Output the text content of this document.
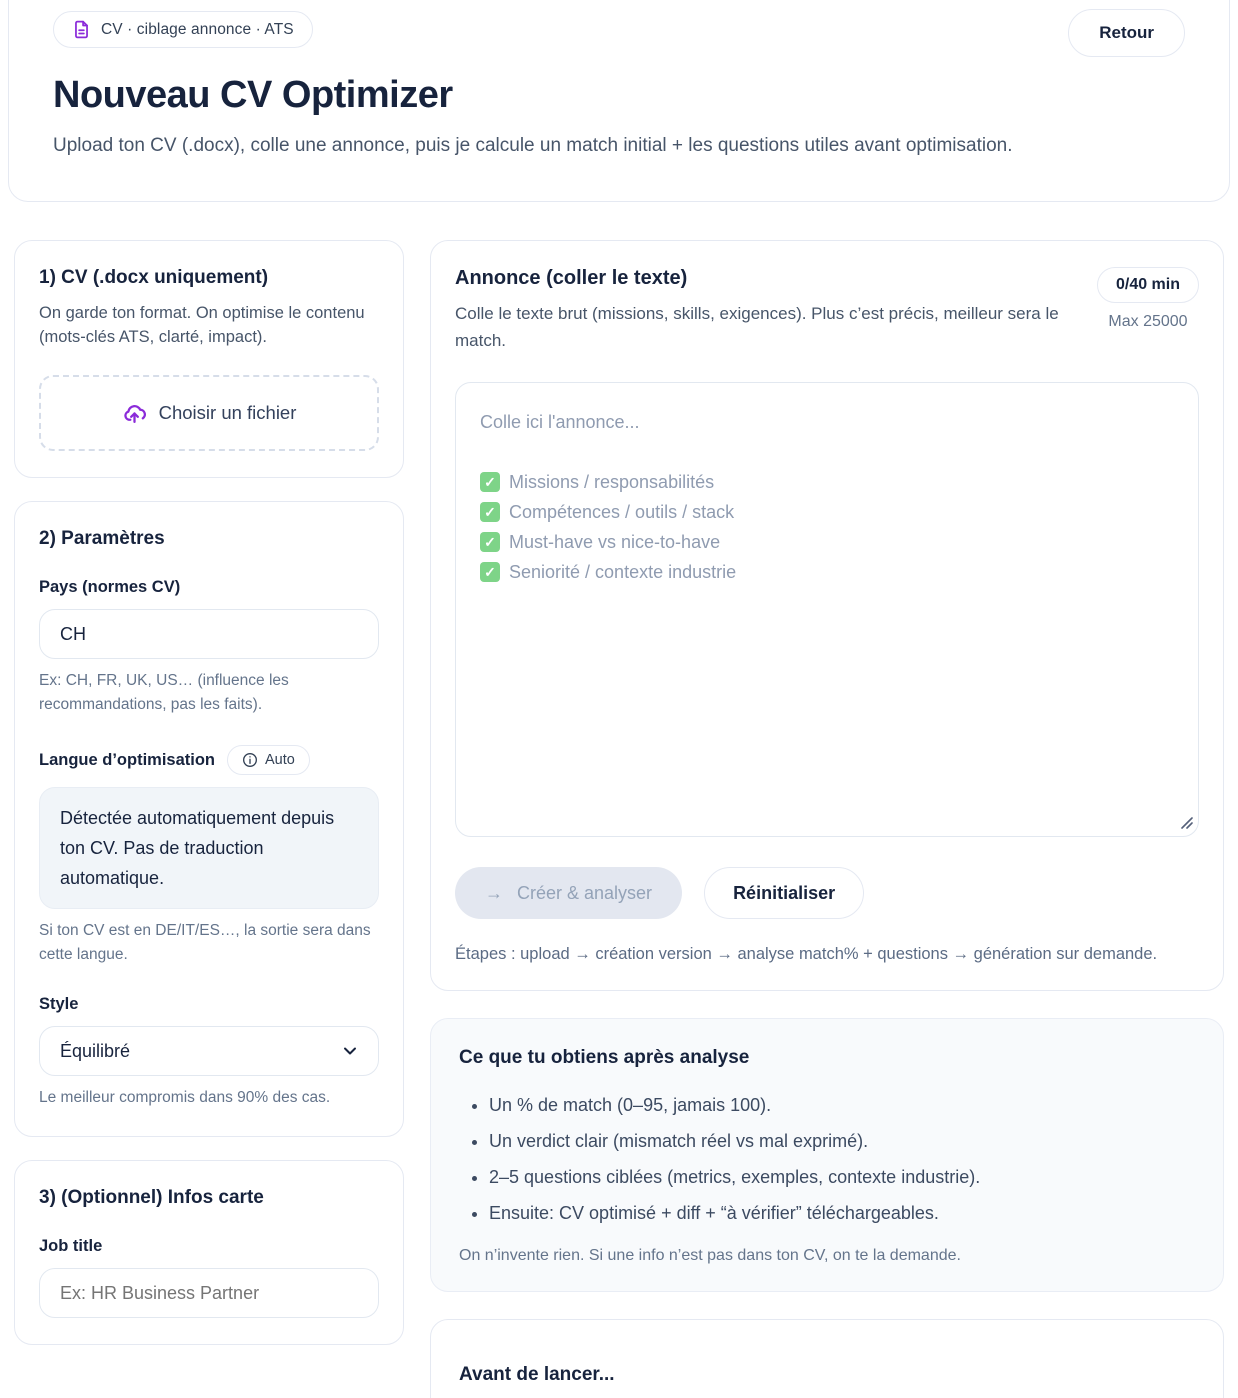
CV · ciblage annonce · ATS	Retour
Nouveau CV Optimizer

Upload ton CV (.docx), colle une annonce, puis je calcule un match initial + les questions utiles avant optimisation.

1) CV (.docx uniquement)

On garde ton format. On optimise le contenu (mots-clés ATS, clarté, impact).

Choisir un fichier
2) Paramètres
Pays (normes CV)
CH
Ex: CH, FR, UK, US… (influence les recommandations, pas les faits).
Langue d’optimisation	Auto
Détectée automatiquement depuis ton CV. Pas de traduction automatique.
Si ton CV est en DE/IT/ES…, la sortie sera dans cette langue.
Style
Équilibré
Le meilleur compromis dans 90% des cas.
3) (Optionnel) Infos carte
Job title
Ex: HR Business Partner
Annonce (coller le texte)

Colle le texte brut (missions, skills, exigences). Plus c’est précis, meilleur sera le match.

0/40 min
Max 25000
Colle ici l'annonce...
✓ Missions / responsabilités
✓ Compétences / outils / stack
✓ Must-have vs nice-to-have
✓ Seniorité / contexte industrie
→ Créer & analyser	Réinitialiser
Étapes : upload → création version → analyse match% + questions → génération sur demande.
Ce que tu obtiens après analyse
• Un % de match (0–95, jamais 100).
• Un verdict clair (mismatch réel vs mal exprimé).
• 2–5 questions ciblées (metrics, exemples, contexte industrie).
• Ensuite: CV optimisé + diff + “à vérifier” téléchargeables.
On n’invente rien. Si une info n’est pas dans ton CV, on te la demande.
Avant de lancer...
